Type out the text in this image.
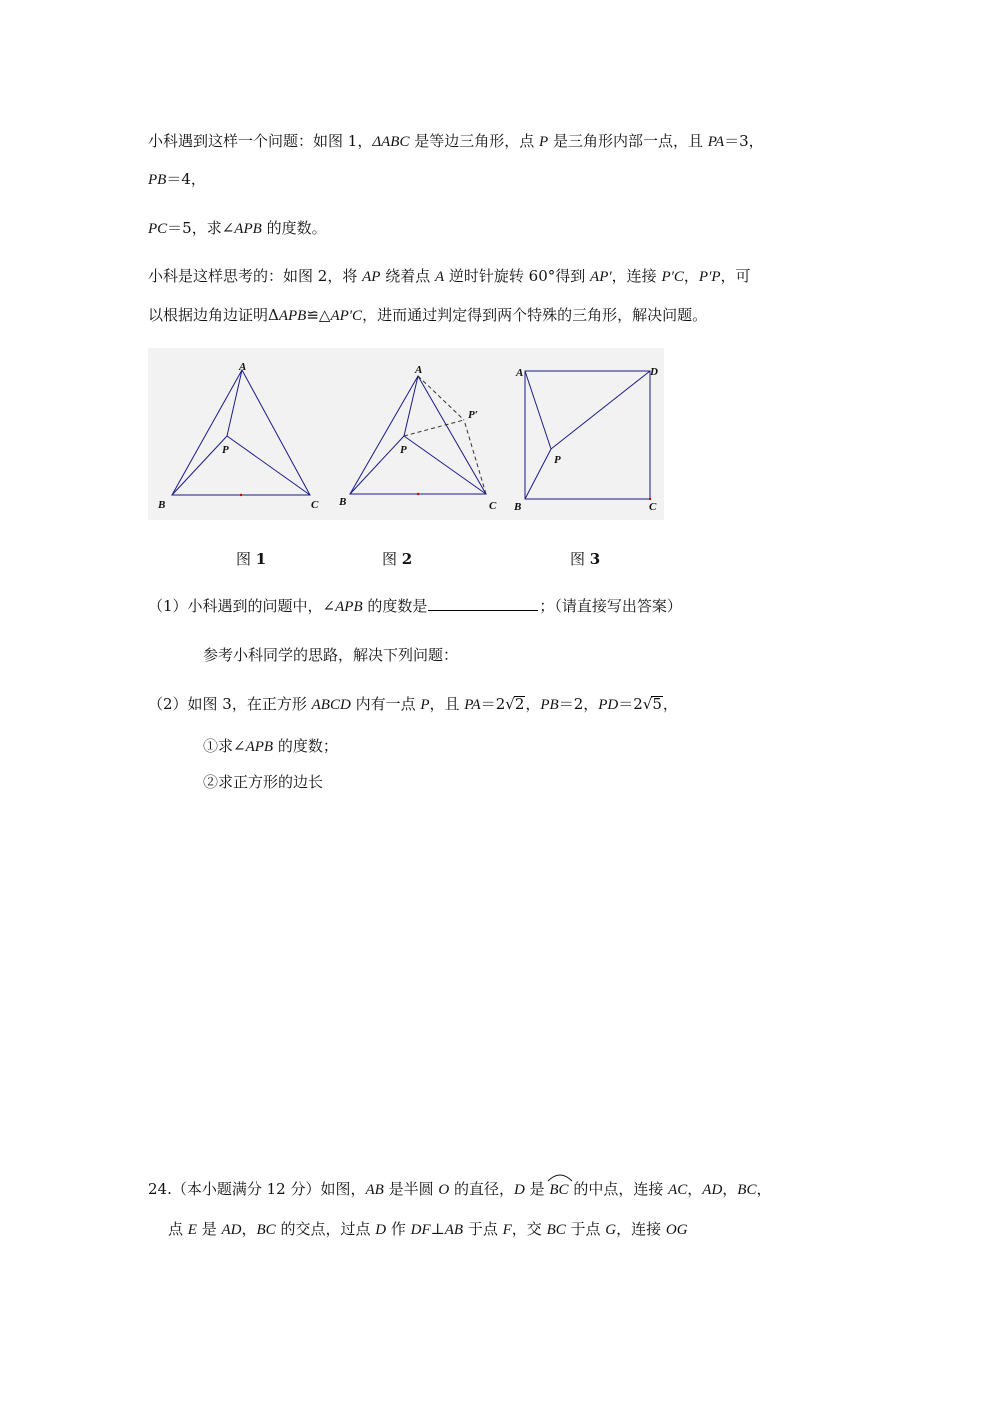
小科遇到这样一个问题：如图 1，ΔABC 是等边三角形，点 P 是三角形内部一点，且 PA＝3，
PB＝4，
PC＝5，求∠APB 的度数。
小科是这样思考的：如图 2，将 AP 绕着点 A 逆时针旋转 60°得到 AP′，连接 P′C，P′P，可
以根据边角边证明ΔAPB≌△AP′C，进而通过判定得到两个特殊的三角形，解决问题。
A
P
B	C
A
P′
P
B	C
A	D
P
B	C
图 1	图 2	图 3
（1）小科遇到的问题中，∠APB 的度数是	；（请直接写出答案）
参考小科同学的思路，解决下列问题：
（2）如图 3，在正方形 ABCD 内有一点 P，且 PA＝2√2，PB＝2，PD＝2√5，
①求∠APB 的度数；
②求正方形的边长
24.（本小题满分 12 分）如图，AB 是半圆 O 的直径，D 是
BC 的中点，连接 AC，AD，BC，
点 E 是 AD，BC 的交点，过点 D 作 DF⊥AB 于点 F，交 BC 于点 G，连接 OG
